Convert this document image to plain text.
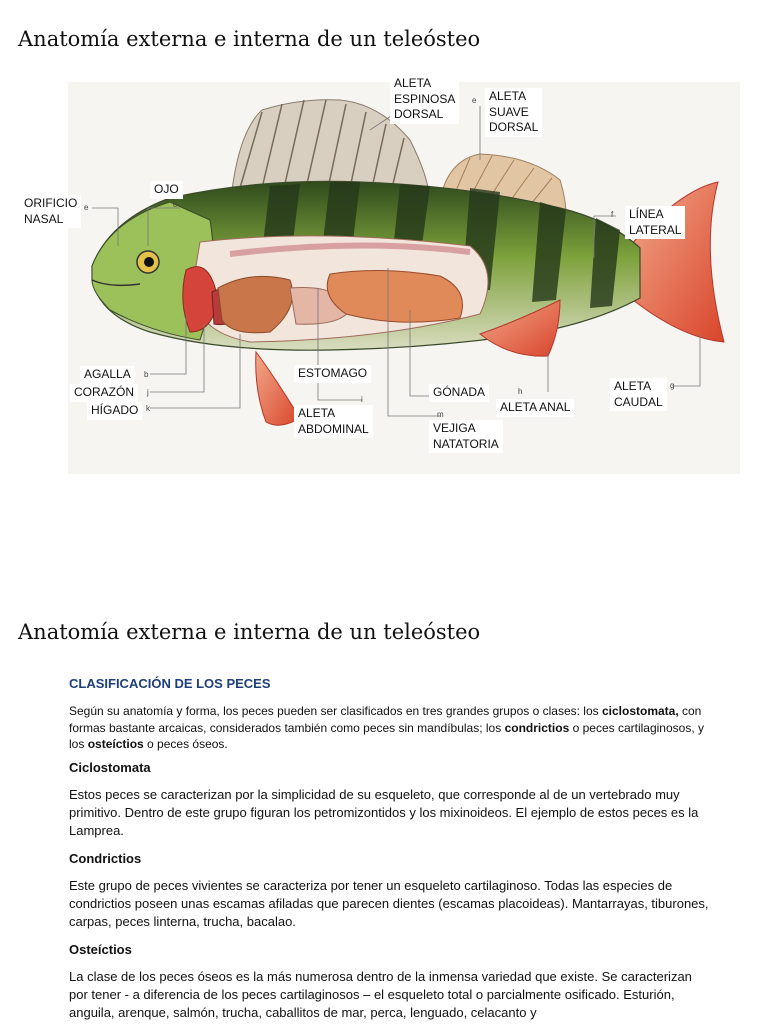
Anatomía externa e interna de un teleósteo
ALETA
ESPINOSA
DORSAL
ALETA
SUAVE
DORSAL
ORIFICIO
NASAL
OJO
LÍNEA
LATERAL
AGALLA
CORAZÓN
HÍGADO
ESTOMAGO
ALETA
ABDOMINAL
GÓNADA
VEJIGA
NATATORIA
ALETA ANAL
ALETA
CAUDAL
e
e	c
f
b
j
k
i
m
h
g
Anatomía externa e interna de un teleósteo
CLASIFICACIÓN DE LOS PECES
Según su anatomía y forma, los peces pueden ser clasificados en tres grandes grupos o clases: los ciclostomata, con formas bastante arcaicas, considerados también como peces sin mandíbulas; los condrictios o peces cartilaginosos, y los osteíctios o peces óseos.
Ciclostomata
Estos peces se caracterizan por la simplicidad de su esqueleto, que corresponde al de un vertebrado muy primitivo. Dentro de este grupo figuran los petromizontidos y los mixinoideos. El ejemplo de estos peces es la Lamprea.
Condrictios
Este grupo de peces vivientes se caracteriza por tener un esqueleto cartilaginoso. Todas las especies de condrictios poseen unas escamas afiladas que parecen dientes (escamas placoideas). Mantarrayas, tiburones, carpas, peces linterna, trucha, bacalao.
Osteíctios
La clase de los peces óseos es la más numerosa dentro de la inmensa variedad que existe. Se caracterizan por tener - a diferencia de los peces cartilaginosos – el esqueleto total o parcialmente osificado. Esturión, anguila, arenque, salmón, trucha, caballitos de mar, perca, lenguado, celacanto y
